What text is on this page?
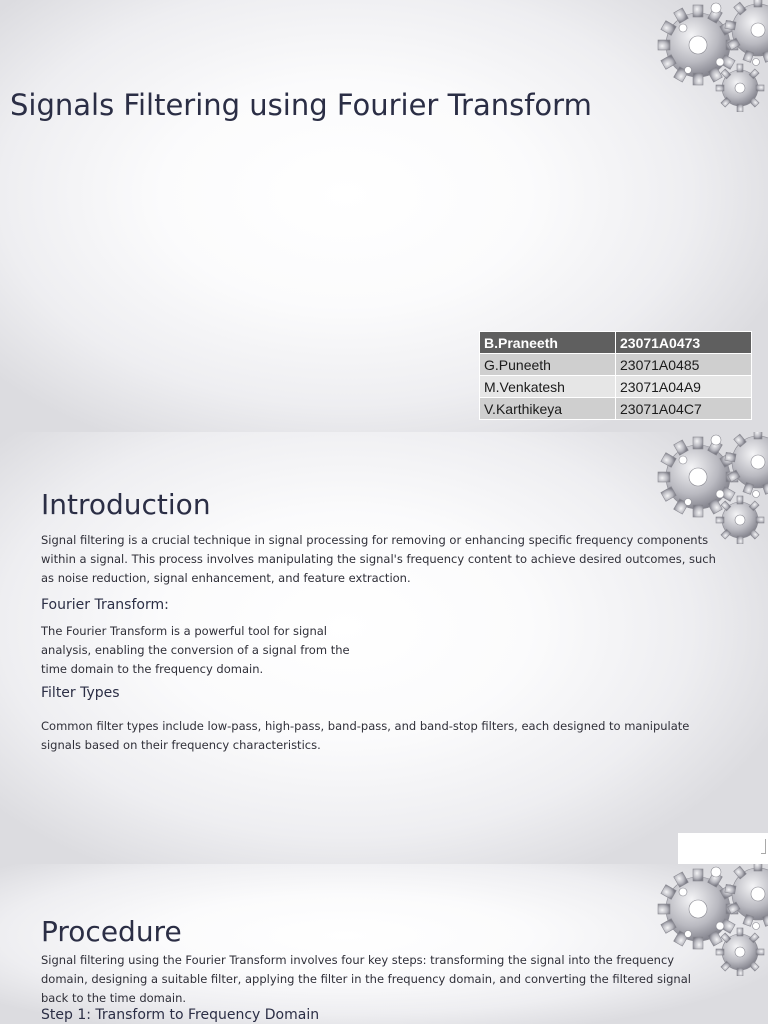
Signals Filtering using Fourier Transform
B.Praneeth	23071A0473
G.Puneeth	23071A0485
M.Venkatesh	23071A04A9
V.Karthikeya	23071A04C7
Introduction

Signal filtering is a crucial technique in signal processing for removing or enhancing specific frequency components within a signal. This process involves manipulating the signal's frequency content to achieve desired outcomes, such as noise reduction, signal enhancement, and feature extraction.

Fourier Transform:

The Fourier Transform is a powerful tool for signal analysis, enabling the conversion of a signal from the time domain to the frequency domain.

Filter Types

Common filter types include low-pass, high-pass, band-pass, and band-stop filters, each designed to manipulate signals based on their frequency characteristics.

Procedure

Signal filtering using the Fourier Transform involves four key steps: transforming the signal into the frequency domain, designing a suitable filter, applying the filter in the frequency domain, and converting the filtered signal back to the time domain.

Step 1: Transform to Frequency Domain
